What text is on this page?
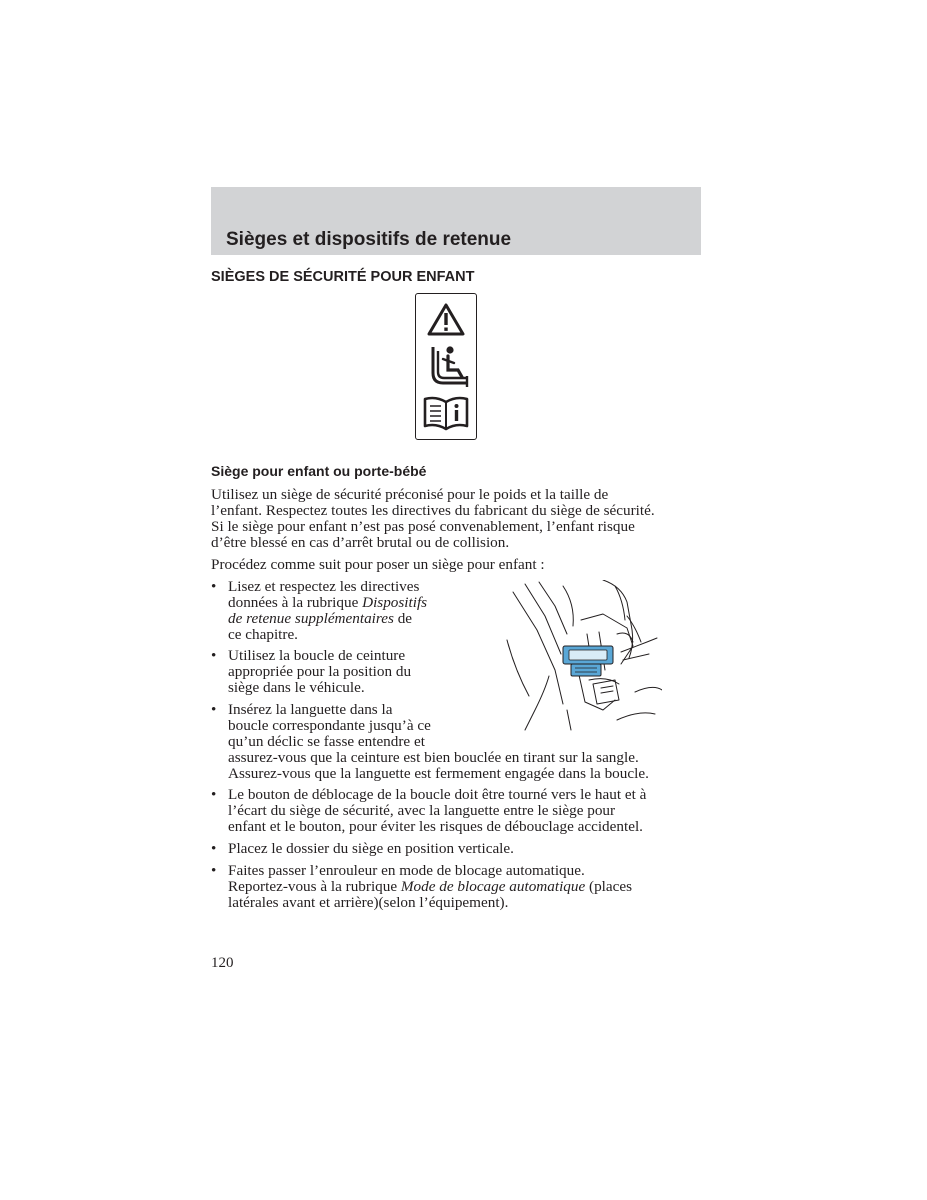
Sièges et dispositifs de retenue
SIÈGES DE SÉCURITÉ POUR ENFANT
Siège pour enfant ou porte-bébé
Utilisez un siège de sécurité préconisé pour le poids et la taille de
l’enfant. Respectez toutes les directives du fabricant du siège de sécurité.
Si le siège pour enfant n’est pas posé convenablement, l’enfant risque
d’être blessé en cas d’arrêt brutal ou de collision.
Procédez comme suit pour poser un siège pour enfant :
• Lisez et respectez les directives
données à la rubrique Dispositifs
de retenue supplémentaires de
ce chapitre.
• Utilisez la boucle de ceinture
appropriée pour la position du
siège dans le véhicule.
• Insérez la languette dans la
boucle correspondante jusqu’à ce
qu’un déclic se fasse entendre et
assurez-vous que la ceinture est bien bouclée en tirant sur la sangle.
Assurez-vous que la languette est fermement engagée dans la boucle.
• Le bouton de déblocage de la boucle doit être tourné vers le haut et à
l’écart du siège de sécurité, avec la languette entre le siège pour
enfant et le bouton, pour éviter les risques de débouclage accidentel.
• Placez le dossier du siège en position verticale.
• Faites passer l’enrouleur en mode de blocage automatique.
Reportez-vous à la rubrique Mode de blocage automatique (places
latérales avant et arrière)(selon l’équipement).
120
